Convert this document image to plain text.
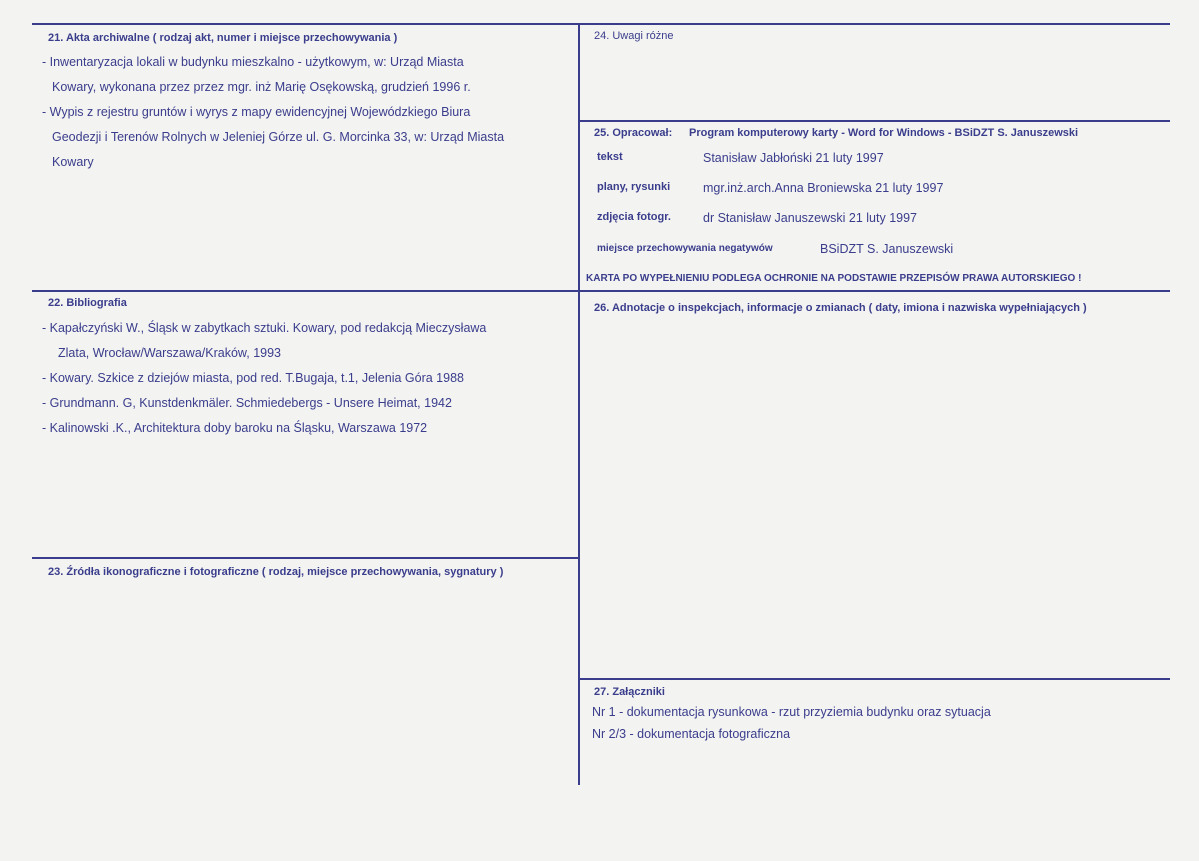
21. Akta archiwalne ( rodzaj akt, numer i miejsce przechowywania )
- Inwentaryzacja lokali w budynku mieszkalno - użytkowym, w: Urząd Miasta
Kowary, wykonana przez przez mgr. inż Marię Osękowską, grudzień 1996 r.
- Wypis z rejestru gruntów i wyrys z mapy ewidencyjnej Wojewódzkiego Biura
Geodezji i Terenów Rolnych w Jeleniej Górze ul. G. Morcinka 33, w: Urząd Miasta
Kowary
22. Bibliografia
- Kapałczyński W., Śląsk w zabytkach sztuki. Kowary, pod redakcją Mieczysława
Zlata, Wrocław/Warszawa/Kraków, 1993
- Kowary. Szkice z dziejów miasta, pod red. T.Bugaja, t.1, Jelenia Góra 1988
- Grundmann. G, Kunstdenkmäler. Schmiedebergs - Unsere Heimat, 1942
- Kalinowski .K., Architektura doby baroku na Śląsku, Warszawa 1972
23. Źródła ikonograficzne i fotograficzne ( rodzaj, miejsce przechowywania, sygnatury )
24. Uwagi różne
25. Opracował: Program komputerowy karty - Word for Windows - BSiDZT S. Januszewski
tekst	Stanisław Jabłoński 21 luty 1997
plany, rysunki	mgr.inż.arch.Anna Broniewska 21 luty 1997
zdjęcia fotogr.	dr Stanisław Januszewski 21 luty 1997
miejsce przechowywania negatywów	BSiDZT S. Januszewski
KARTA PO WYPEŁNIENIU PODLEGA OCHRONIE NA PODSTAWIE PRZEPISÓW PRAWA AUTORSKIEGO !
26. Adnotacje o inspekcjach, informacje o zmianach ( daty, imiona i nazwiska wypełniających )
27. Załączniki
Nr 1 - dokumentacja rysunkowa - rzut przyziemia budynku oraz sytuacja
Nr 2/3 - dokumentacja fotograficzna
